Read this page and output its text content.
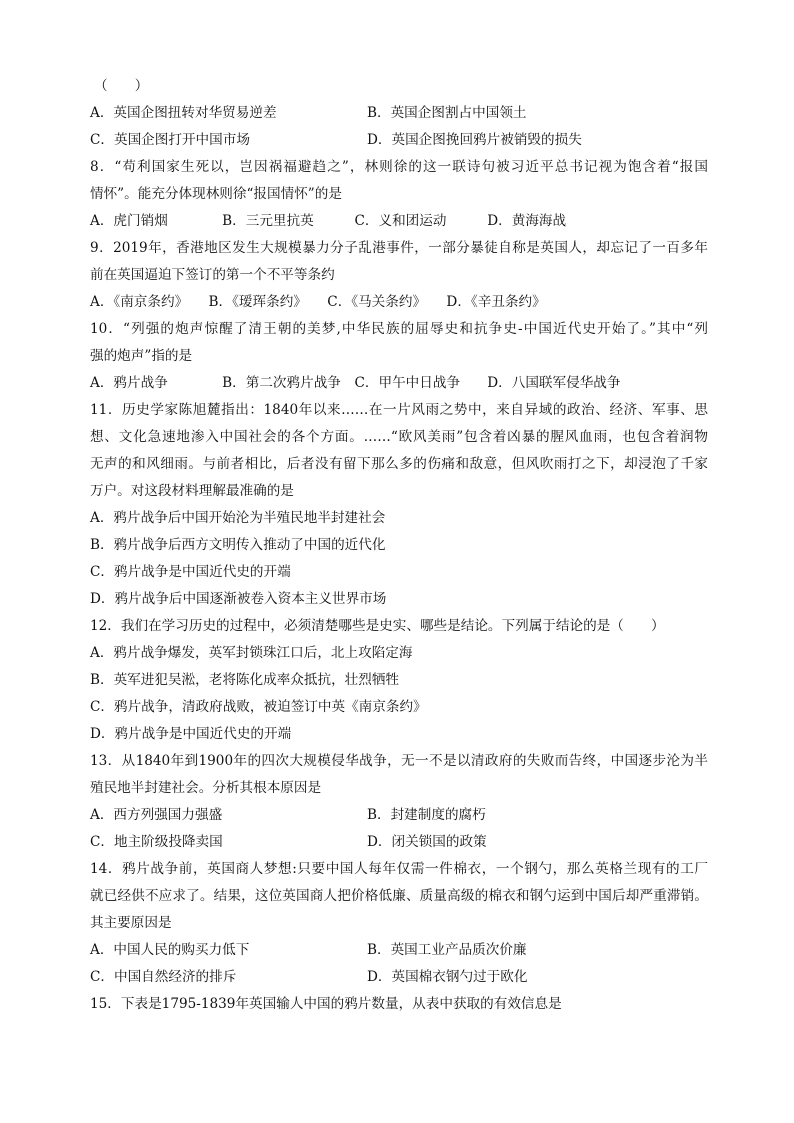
（　　）
A．英国企图扭转对华贸易逆差	B．英国企图割占中国领土
C．英国企图打开中国市场	D．英国企图挽回鸦片被销毁的损失
8．“苟利国家生死以，岂因祸福避趋之”，林则徐的这一联诗句被习近平总书记视为饱含着“报国
情怀”。能充分体现林则徐“报国情怀”的是
A．虎门销烟　　　　B．三元里抗英　　　C．义和团运动　　　D．黄海海战
9．2019年，香港地区发生大规模暴力分子乱港事件，一部分暴徒自称是英国人，却忘记了一百多年
前在英国逼迫下签订的第一个不平等条约
A．《南京条约》　　B．《瑷珲条约》　　C．《马关条约》　　D．《辛丑条约》
10．“列强的炮声惊醒了清王朝的美梦,中华民族的屈辱史和抗争史-中国近代史开始了。”其中“列
强的炮声”指的是
A．鸦片战争　　　　B．第二次鸦片战争　C．甲午中日战争　　D．八国联军侵华战争
11．历史学家陈旭麓指出：1840年以来……在一片风雨之势中，来自异域的政治、经济、军事、思
想、文化急速地渗入中国社会的各个方面。……“欧风美雨”包含着凶暴的腥风血雨，也包含着润物
无声的和风细雨。与前者相比，后者没有留下那么多的伤痛和敌意，但风吹雨打之下，却浸泡了千家
万户。对这段材料理解最准确的是
A．鸦片战争后中国开始沦为半殖民地半封建社会
B．鸦片战争后西方文明传入推动了中国的近代化
C．鸦片战争是中国近代史的开端
D．鸦片战争后中国逐渐被卷入资本主义世界市场
12．我们在学习历史的过程中，必须清楚哪些是史实、哪些是结论。下列属于结论的是（　　）
A．鸦片战争爆发，英军封锁珠江口后，北上攻陷定海
B．英军进犯吴淞，老将陈化成率众抵抗，壮烈牺牲
C．鸦片战争，清政府战败，被迫签订中英《南京条约》
D．鸦片战争是中国近代史的开端
13．从1840年到1900年的四次大规模侵华战争，无一不是以清政府的失败而告终，中国逐步沦为半
殖民地半封建社会。分析其根本原因是
A．西方列强国力强盛	B．封建制度的腐朽
C．地主阶级投降卖国	D．闭关锁国的政策
14．鸦片战争前，英国商人梦想:只要中国人每年仅需一件棉衣，一个钢勺，那么英格兰现有的工厂
就已经供不应求了。结果，这位英国商人把价格低廉、质量高级的棉衣和钢勺运到中国后却严重滞销。
其主要原因是
A．中国人民的购买力低下	B．英国工业产品质次价廉
C．中国自然经济的排斥	D．英国棉衣钢勺过于欧化
15．下表是1795-1839年英国输人中国的鸦片数量，从表中获取的有效信息是
